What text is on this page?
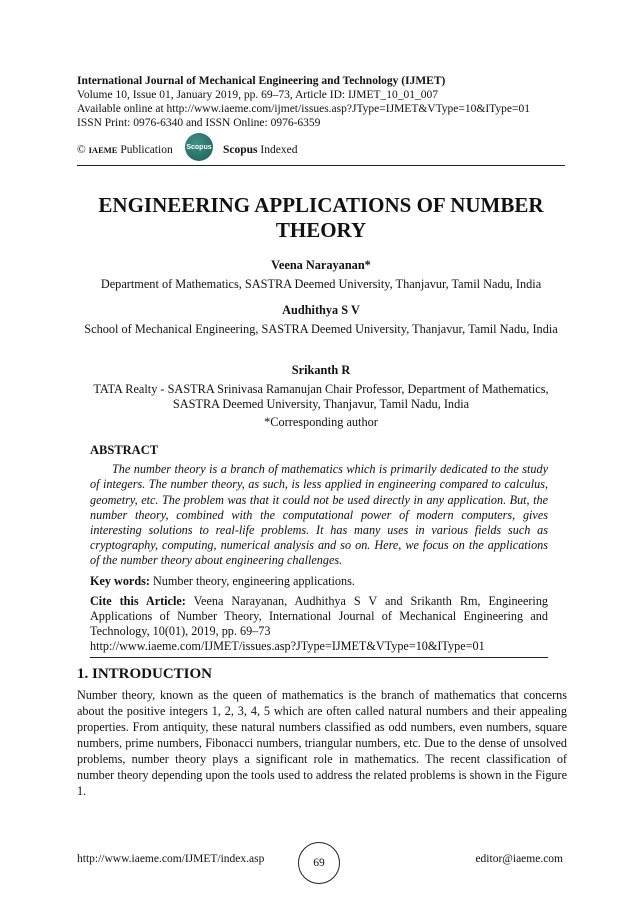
International Journal of Mechanical Engineering and Technology (IJMET)
Volume 10, Issue 01, January 2019, pp. 69–73, Article ID: IJMET_10_01_007
Available online at http://www.iaeme.com/ijmet/issues.asp?JType=IJMET&VType=10&IType=01
ISSN Print: 0976-6340 and ISSN Online: 0976-6359
© IAEME Publication Scopus Scopus Indexed
ENGINEERING APPLICATIONS OF NUMBER THEORY
Veena Narayanan*
Department of Mathematics, SASTRA Deemed University, Thanjavur, Tamil Nadu, India
Audhithya S V
School of Mechanical Engineering, SASTRA Deemed University, Thanjavur, Tamil Nadu, India
Srikanth R
TATA Realty - SASTRA Srinivasa Ramanujan Chair Professor, Department of Mathematics, SASTRA Deemed University, Thanjavur, Tamil Nadu, India
*Corresponding author
ABSTRACT

The number theory is a branch of mathematics which is primarily dedicated to the study of integers. The number theory, as such, is less applied in engineering compared to calculus, geometry, etc. The problem was that it could not be used directly in any application. But, the number theory, combined with the computational power of modern computers, gives interesting solutions to real-life problems. It has many uses in various fields such as cryptography, computing, numerical analysis and so on. Here, we focus on the applications of the number theory about engineering challenges.

Key words: Number theory, engineering applications.

Cite this Article: Veena Narayanan, Audhithya S V and Srikanth Rm, Engineering Applications of Number Theory, International Journal of Mechanical Engineering and Technology, 10(01), 2019, pp. 69–73
http://www.iaeme.com/IJMET/issues.asp?JType=IJMET&VType=10&IType=01

1. INTRODUCTION

Number theory, known as the queen of mathematics is the branch of mathematics that concerns about the positive integers 1, 2, 3, 4, 5 which are often called natural numbers and their appealing properties. From antiquity, these natural numbers classified as odd numbers, even numbers, square numbers, prime numbers, Fibonacci numbers, triangular numbers, etc. Due to the dense of unsolved problems, number theory plays a significant role in mathematics. The recent classification of number theory depending upon the tools used to address the related problems is shown in the Figure 1.

http://www.iaeme.com/IJMET/index.asp	69	editor@iaeme.com
